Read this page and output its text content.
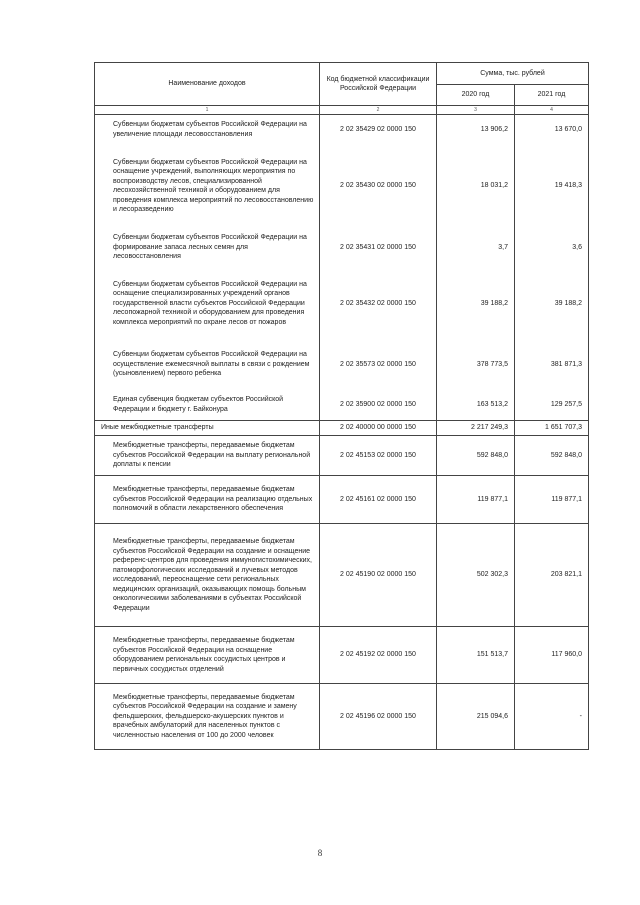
Наименование доходов	Код бюджетной классификации Российской Федерации	Сумма, тыс. рублей	
		2020 год	2021 год
1	2	3	4
Субвенции бюджетам субъектов Российской Федерации на увеличение площади лесовосстановления	2 02 35429 02 0000 150	13 906,2	13 670,0
Субвенции бюджетам субъектов Российской Федерации на оснащение учреждений, выполняющих мероприятия по воспроизводству лесов, специализированной лесохозяйственной техникой и оборудованием для проведения комплекса мероприятий по лесовосстановлению и лесоразведению	2 02 35430 02 0000 150	18 031,2	19 418,3
Субвенции бюджетам субъектов Российской Федерации на формирование запаса лесных семян для лесовосстановления	2 02 35431 02 0000 150	3,7	3,6
Субвенции бюджетам субъектов Российской Федерации на оснащение специализированных учреждений органов государственной власти субъектов Российской Федерации лесопожарной техникой и оборудованием для проведения комплекса мероприятий по охране лесов от пожаров	2 02 35432 02 0000 150	39 188,2	39 188,2
Субвенции бюджетам субъектов Российской Федерации на осуществление ежемесячной выплаты в связи с рождением (усыновлением) первого ребенка	2 02 35573 02 0000 150	378 773,5	381 871,3
Единая субвенция бюджетам субъектов Российской Федерации и бюджету г. Байконура	2 02 35900 02 0000 150	163 513,2	129 257,5
Иные межбюджетные трансферты	2 02 40000 00 0000 150	2 217 249,3	1 651 707,3
Межбюджетные трансферты, передаваемые бюджетам субъектов Российской Федерации на выплату региональной доплаты к пенсии	2 02 45153 02 0000 150	592 848,0	592 848,0
Межбюджетные трансферты, передаваемые бюджетам субъектов Российской Федерации на реализацию отдельных полномочий в области лекарственного обеспечения	2 02 45161 02 0000 150	119 877,1	119 877,1
Межбюджетные трансферты, передаваемые бюджетам субъектов Российской Федерации на создание и оснащение референс-центров для проведения иммуногистохимических, патоморфологических исследований и лучевых методов исследований, переоснащение сети региональных медицинских организаций, оказывающих помощь больным онкологическими заболеваниями в субъектах Российской Федерации	2 02 45190 02 0000 150	502 302,3	203 821,1
Межбюджетные трансферты, передаваемые бюджетам субъектов Российской Федерации на оснащение оборудованием региональных сосудистых центров и первичных сосудистых отделений	2 02 45192 02 0000 150	151 513,7	117 960,0
Межбюджетные трансферты, передаваемые бюджетам субъектов Российской Федерации на создание и замену фельдшерских, фельдшерско-акушерских пунктов и врачебных амбулаторий для населенных пунктов с численностью населения от 100 до 2000 человек	2 02 45196 02 0000 150	215 094,6	-
8
